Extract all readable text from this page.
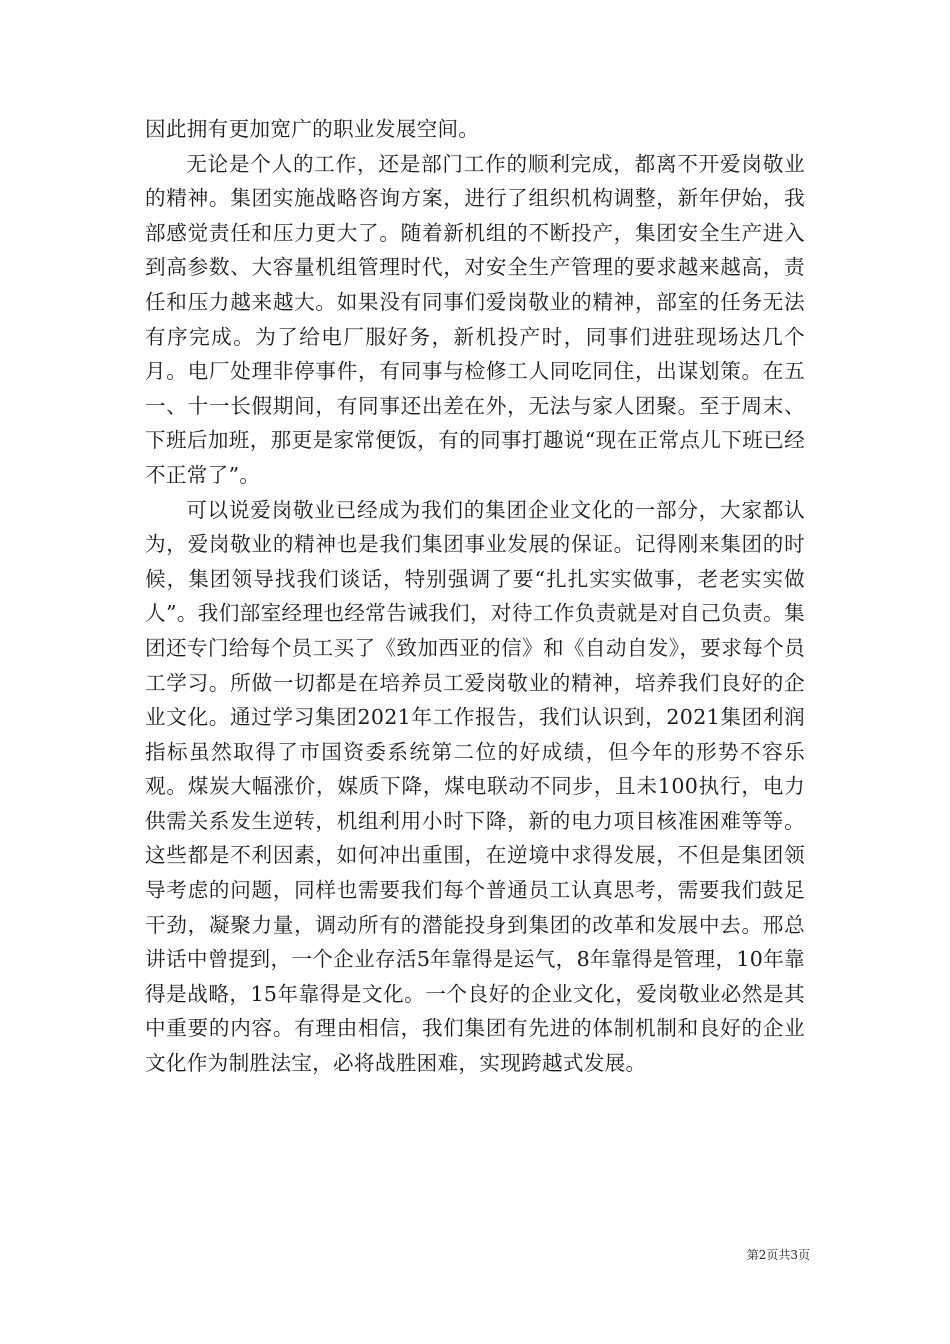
因此拥有更加宽广的职业发展空间。

无论是个人的工作，还是部门工作的顺利完成，都离不开爱岗敬业的精神。集团实施战略咨询方案，进行了组织机构调整，新年伊始，我部感觉责任和压力更大了。随着新机组的不断投产，集团安全生产进入到高参数、大容量机组管理时代，对安全生产管理的要求越来越高，责任和压力越来越大。如果没有同事们爱岗敬业的精神，部室的任务无法有序完成。为了给电厂服好务，新机投产时，同事们进驻现场达几个月。电厂处理非停事件，有同事与检修工人同吃同住，出谋划策。在五一、十一长假期间，有同事还出差在外，无法与家人团聚。至于周末、下班后加班，那更是家常便饭，有的同事打趣说“现在正常点儿下班已经不正常了”。

可以说爱岗敬业已经成为我们的集团企业文化的一部分，大家都认为，爱岗敬业的精神也是我们集团事业发展的保证。记得刚来集团的时候，集团领导找我们谈话，特别强调了要“扎扎实实做事，老老实实做人”。我们部室经理也经常告诫我们，对待工作负责就是对自己负责。集团还专门给每个员工买了《致加西亚的信》和《自动自发》，要求每个员工学习。所做一切都是在培养员工爱岗敬业的精神，培养我们良好的企业文化。通过学习集团2021年工作报告，我们认识到，2021集团利润指标虽然取得了市国资委系统第二位的好成绩，但今年的形势不容乐观。煤炭大幅涨价，媒质下降，煤电联动不同步，且未100执行，电力供需关系发生逆转，机组利用小时下降，新的电力项目核准困难等等。这些都是不利因素，如何冲出重围，在逆境中求得发展，不但是集团领导考虑的问题，同样也需要我们每个普通员工认真思考，需要我们鼓足干劲，凝聚力量，调动所有的潜能投身到集团的改革和发展中去。邢总讲话中曾提到，一个企业存活5年靠得是运气，8年靠得是管理，10年靠得是战略，15年靠得是文化。一个良好的企业文化，爱岗敬业必然是其中重要的内容。有理由相信，我们集团有先进的体制机制和良好的企业文化作为制胜法宝，必将战胜困难，实现跨越式发展。

第2页共3页
